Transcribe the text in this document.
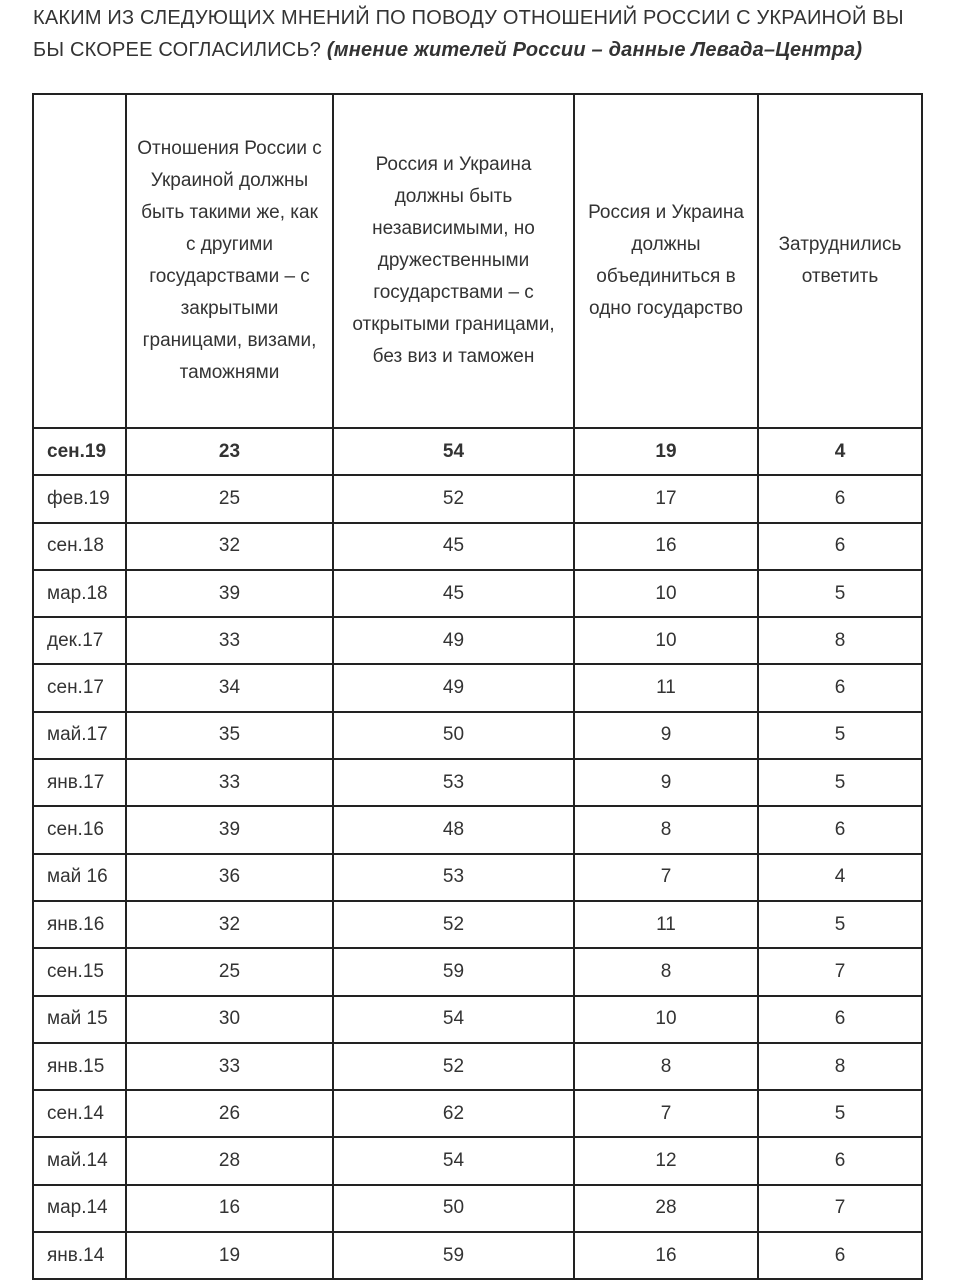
КАКИМ ИЗ СЛЕДУЮЩИХ МНЕНИЙ ПО ПОВОДУ ОТНОШЕНИЙ РОССИИ С УКРАИНОЙ ВЫ БЫ СКОРЕЕ СОГЛАСИЛИСЬ? (мнение жителей России – данные Левада–Центра)

	Отношения России с Украиной должны быть такими же, как с другими государствами – с закрытыми границами, визами, таможнями	Россия и Украина должны быть независимыми, но дружественными государствами – с открытыми границами, без виз и таможен	Россия и Украина должны объединиться в одно государство	Затруднились ответить
сен.19	23	54	19	4
фев.19	25	52	17	6
сен.18	32	45	16	6
мар.18	39	45	10	5
дек.17	33	49	10	8
сен.17	34	49	11	6
май.17	35	50	9	5
янв.17	33	53	9	5
сен.16	39	48	8	6
май 16	36	53	7	4
янв.16	32	52	11	5
сен.15	25	59	8	7
май 15	30	54	10	6
янв.15	33	52	8	8
сен.14	26	62	7	5
май.14	28	54	12	6
мар.14	16	50	28	7
янв.14	19	59	16	6
